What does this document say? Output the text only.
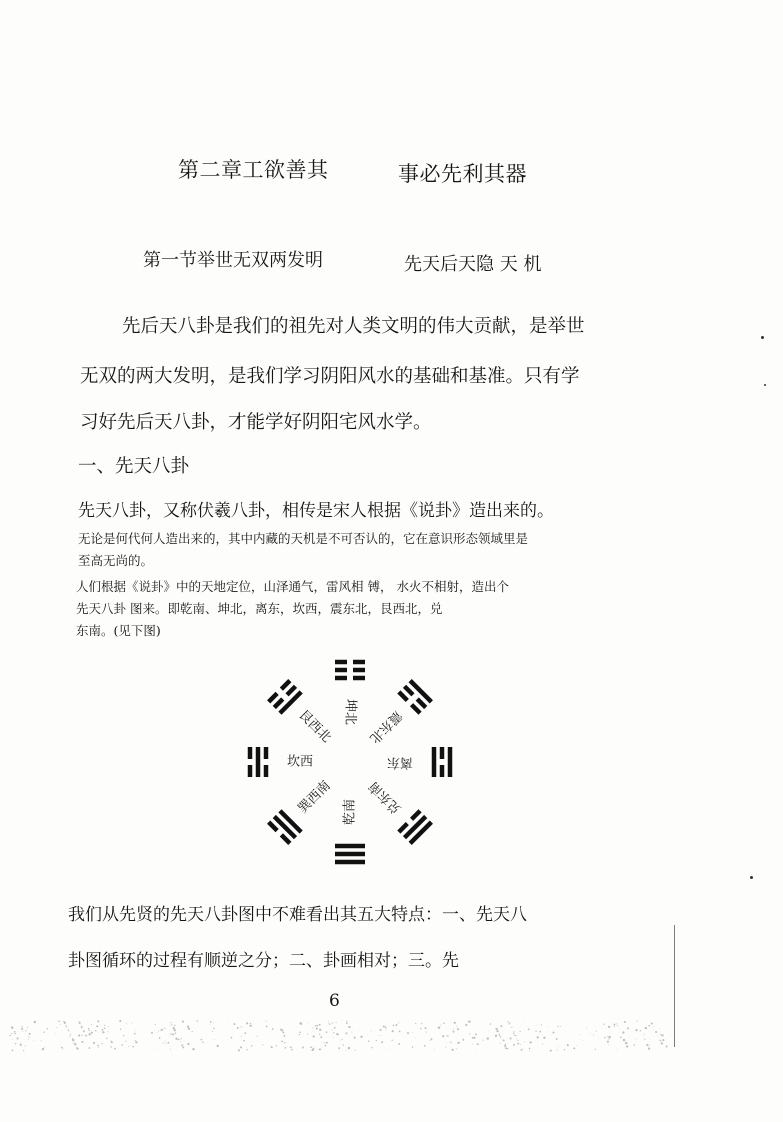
第二章工欲善其	事必先利其器
第一节举世无双两发明	先天后天隐 天 机
先后天八卦是我们的祖先对人类文明的伟大贡献，是举世
无双的两大发明，是我们学习阴阳风水的基础和基准。只有学
习好先后天八卦，才能学好阴阳宅风水学。
一、先天八卦
先天八卦，又称伏羲八卦，相传是宋人根据《说卦》造出来的。
无论是何代何人造出来的，其中内藏的天机是不可否认的，它在意识形态领域里是
至高无尚的。
人们根据《说卦》中的天地定位，山泽通气，雷风相 镈， 水火不相射，造出个
先天八卦 图来。即乾南、坤北，离东，坎西，震东北，艮西北，兑
东南。(见下图)
坤北 震东北
离东
兑东南
乾南
巽西南
坎西
艮西北
我们从先贤的先天八卦图中不难看出其五大特点：一、先天八
卦图循环的过程有顺逆之分；二、卦画相对；三。先
6
